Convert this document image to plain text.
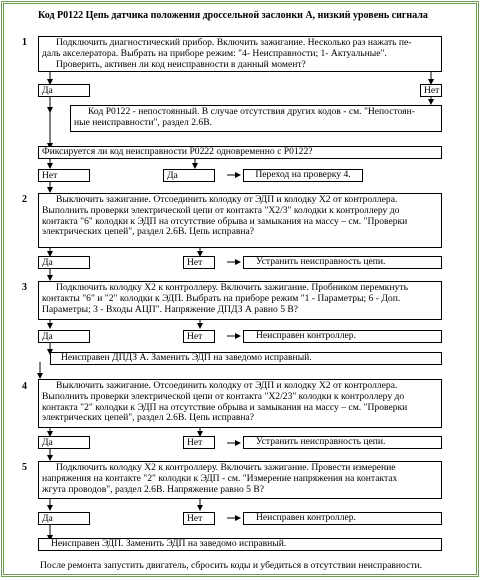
Код P0122 Цепь датчика положения дроссельной заслонки А, низкий уровень сигнала
1	Подключить диагностический прибор. Включить зажигание. Несколько раз нажать пе-
даль акселератора. Выбрать на приборе режим: "4- Неисправности; 1- Актуальные".
Проверить, активен ли код неисправности в данный момент?
Да	Нет
Код P0122 - непостоянный. В случае отсутствия других кодов - см. "Непостоян-
ные неисправности", раздел 2.6В.
Фиксируется ли код неисправности P0222 одновременно с P0122?
Нет	Да	Переход на проверку 4.
2	Выключить зажигание. Отсоединить колодку от ЭДП и колодку X2 от контроллера.
Выполнить проверки электрической цепи от контакта "X2/3" колодки к контроллеру до
контакта "6" колодки к ЭДП на отсутствие обрыва и замыкания на массу – см. "Проверки
электрических цепей", раздел 2.6В. Цепь исправна?
Да	Нет	Устранить неисправность цепи.
3	Подключить колодку X2 к контроллеру. Включить зажигание. Пробником перемкнуть
контакты "6" и "2" колодки к ЭДП. Выбрать на приборе режим "1 - Параметры; 6 - Доп.
Параметры; 3 - Входы АЦП". Напряжение ДПДЗ А равно 5 В?
Да	Нет	Неисправен контроллер.
Неисправен ДПДЗ А. Заменить ЭДП на заведомо исправный.
4	Выключить зажигание. Отсоединить колодку от ЭДП и колодку X2 от контроллера.
Выполнить проверки электрической цепи от контакта "X2/23" колодки к контроллеру до
контакта "2" колодки к ЭДП на отсутствие обрыва и замыкания на массу – см. "Проверки
электрических цепей", раздел 2.6В. Цепь исправна?
Да	Нет	Устранить неисправность цепи.
5	Подключить колодку X2 к контроллеру. Включить зажигание. Провести измерение
напряжения на контакте "2" колодки к ЭДП - см. "Измерение напряжения на контактах
жгута проводов", раздел 2.6В. Напряжение равно 5 В?
Да	Нет	Неисправен контроллер.
Неисправен ЭДП. Заменить ЭДП на заведомо исправный.
После ремонта запустить двигатель, сбросить коды и убедиться в отсутствии неисправности.
